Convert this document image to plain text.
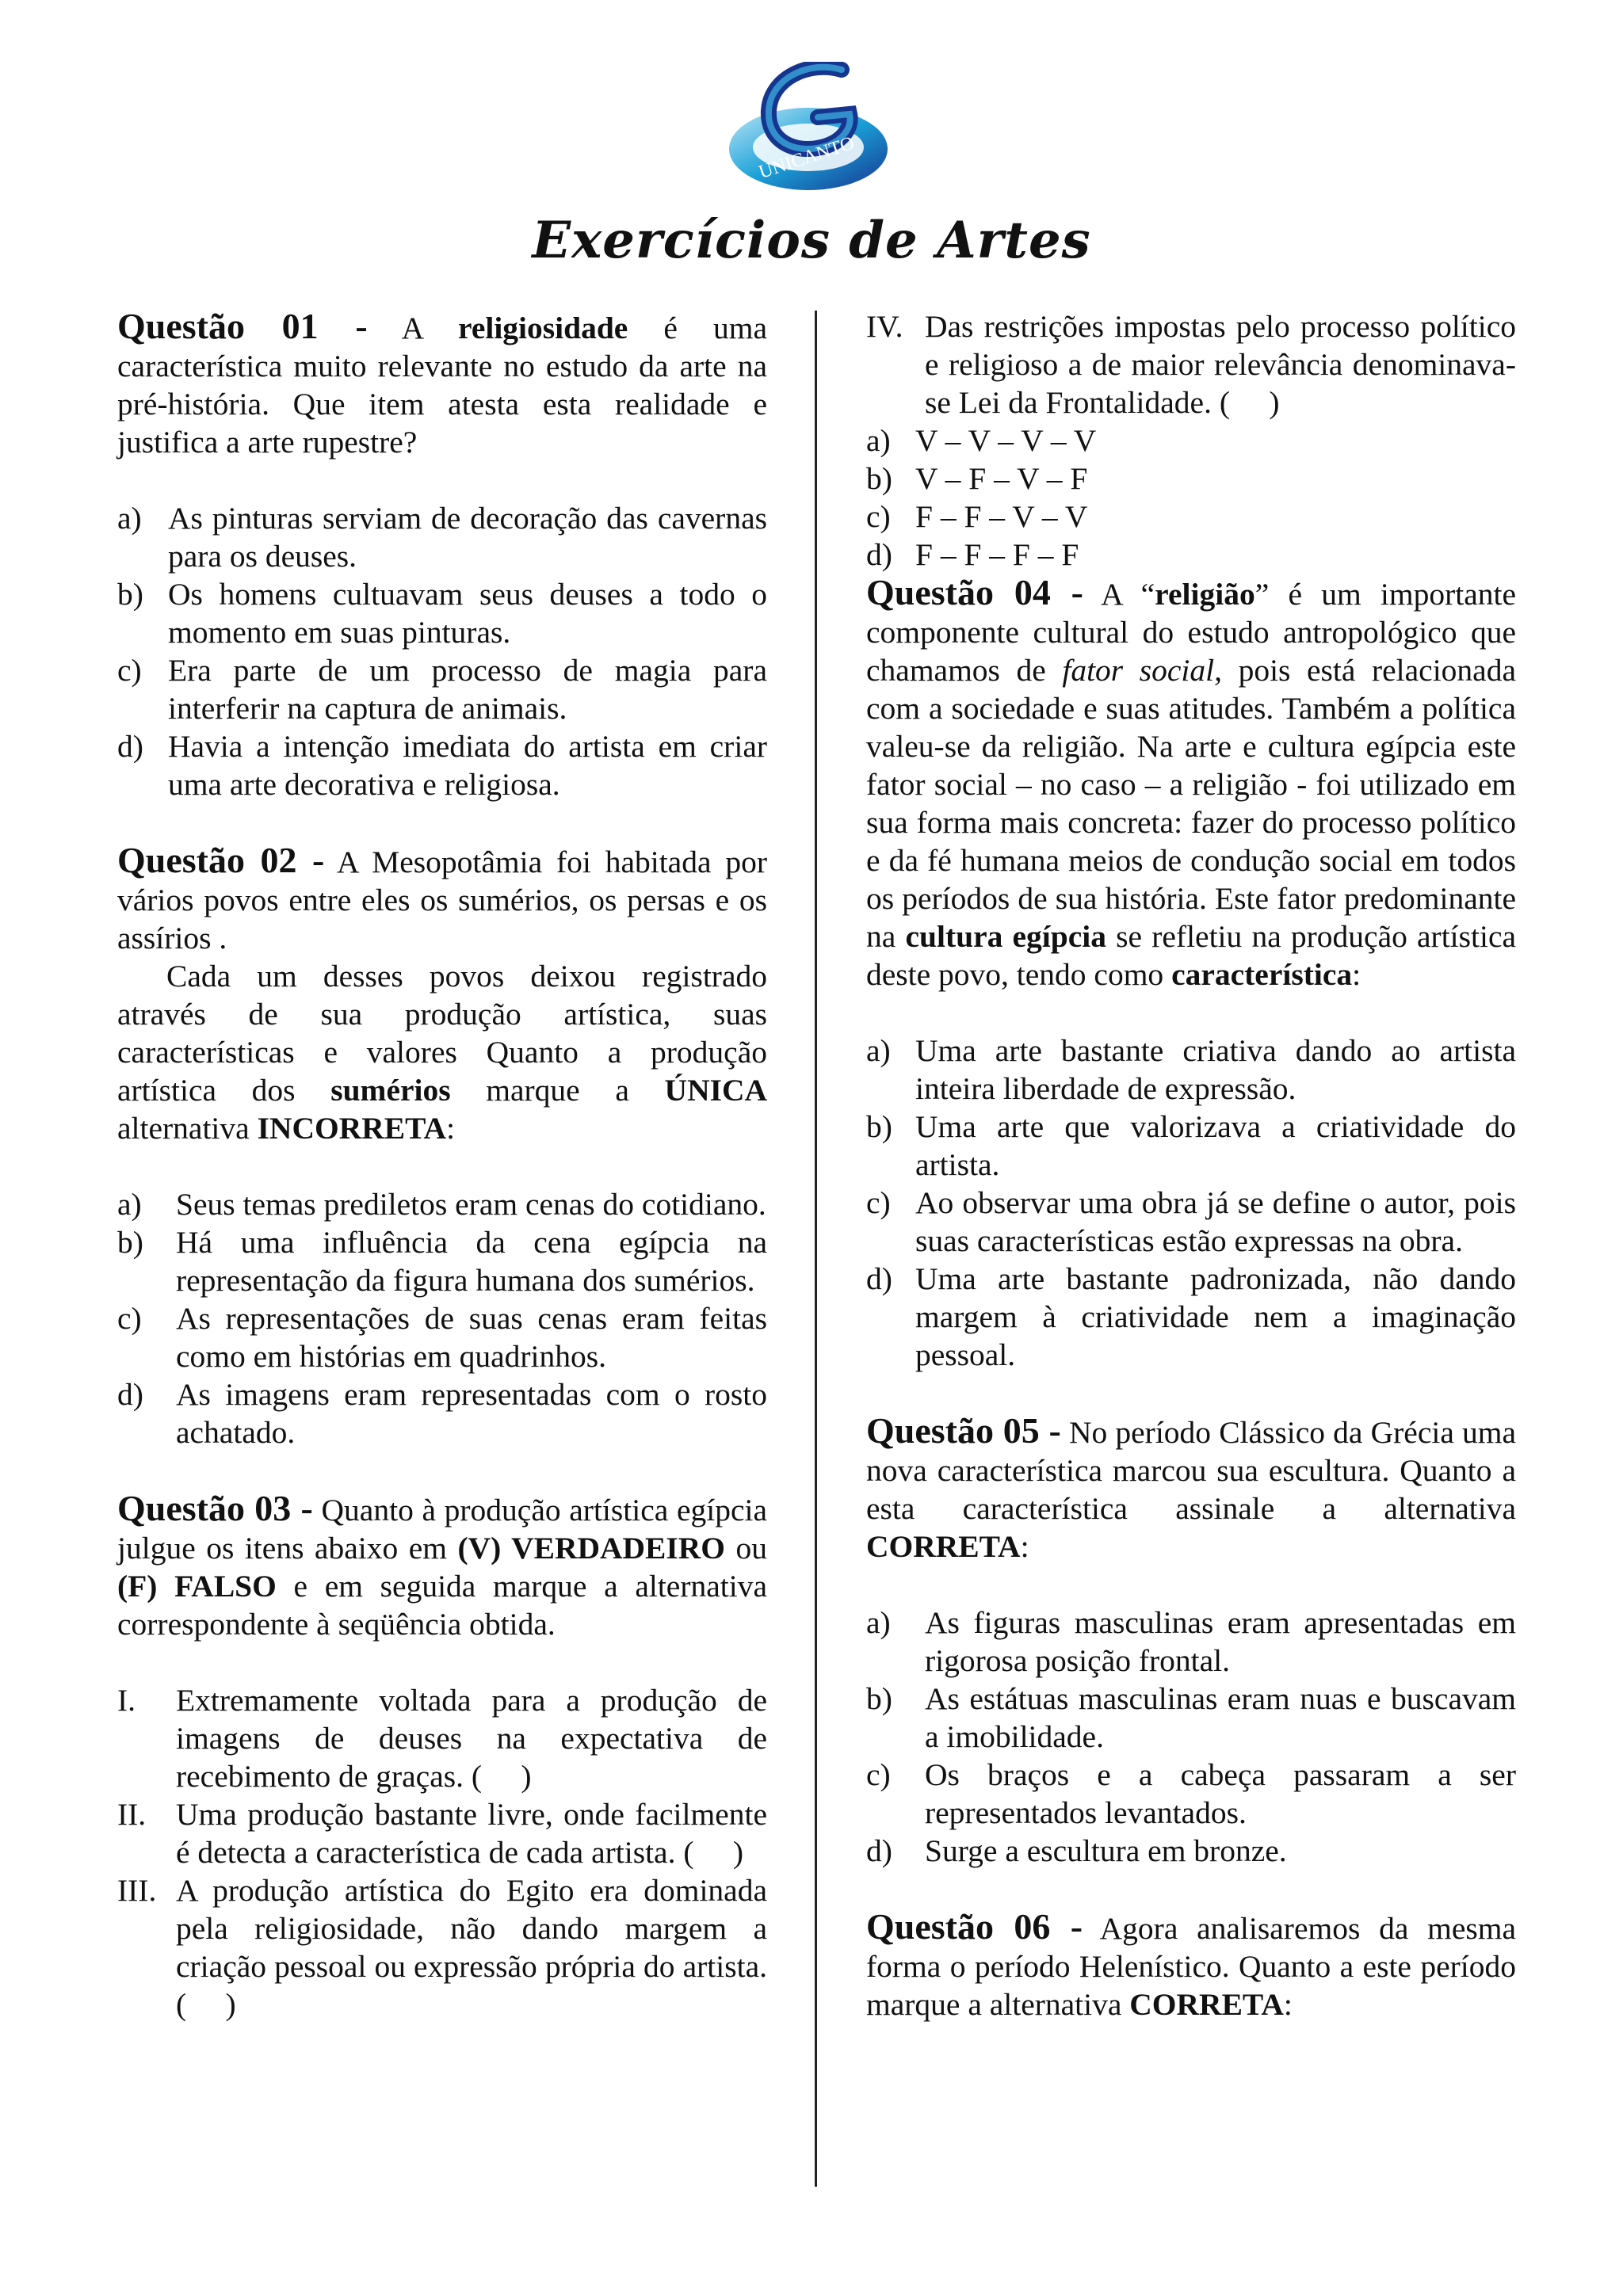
UNICANTO
Exercícios de Artes

Questão 01 - A religiosidade é uma característica muito relevante no estudo da arte na pré-história. Que item atesta esta realidade e justifica a arte rupestre?

a) As pinturas serviam de decoração das cavernas para os deuses.
b) Os homens cultuavam seus deuses a todo o momento em suas pinturas.
c) Era parte de um processo de magia para interferir na captura de animais.
d) Havia a intenção imediata do artista em criar uma arte decorativa e religiosa.

Questão 02 - A Mesopotâmia foi habitada por vários povos entre eles os sumérios, os persas e os assírios .

Cada um desses povos deixou registrado através de sua produção artística, suas características e valores Quanto a produção artística dos sumérios marque a ÚNICA alternativa INCORRETA:

a)	Seus temas prediletos eram cenas do cotidiano.
b)	Há uma influência da cena egípcia na representação da figura humana dos sumérios.
c)	As representações de suas cenas eram feitas como em histórias em quadrinhos.
d)	As imagens eram representadas com o rosto achatado.

Questão 03 - Quanto à produção artística egípcia julgue os itens abaixo em (V) VERDADEIRO ou (F) FALSO e em seguida marque a alternativa correspondente à seqüência obtida.

I.	Extremamente voltada para a produção de imagens de deuses na expectativa de recebimento de graças. (     )
II. Uma produção bastante livre, onde facilmente é detecta a característica de cada artista. (     )
III. A produção artística do Egito era dominada pela religiosidade, não dando margem a criação pessoal ou expressão própria do artista. (     )
IV. Das restrições impostas pelo processo político e religioso a de maior relevância denominava-se Lei da Frontalidade. (     )
a) V – V – V – V
b) V – F – V – F
c) F – F – V – V
d) F – F – F – F

Questão 04 - A “religião” é um importante componente cultural do estudo antropológico que chamamos de fator social, pois está relacionada com a sociedade e suas atitudes. Também a política valeu-se da religião. Na arte e cultura egípcia este fator social – no caso – a religião - foi utilizado em sua forma mais concreta: fazer do processo político e da fé humana meios de condução social em todos os períodos de sua história. Este fator predominante na cultura egípcia se refletiu na produção artística deste povo, tendo como característica:

a) Uma arte bastante criativa dando ao artista inteira liberdade de expressão.
b) Uma arte que valorizava a criatividade do artista.
c) Ao observar uma obra já se define o autor, pois suas características estão expressas na obra.
d) Uma arte bastante padronizada, não dando margem à criatividade nem a imaginação pessoal.

Questão 05 - No período Clássico da Grécia uma nova característica marcou sua escultura. Quanto a esta característica assinale a alternativa CORRETA:

a)	As figuras masculinas eram apresentadas em rigorosa posição frontal.
b)	As estátuas masculinas eram nuas e buscavam a imobilidade.
c)	Os braços e a cabeça passaram a ser representados levantados.
d)	Surge a escultura em bronze.

Questão 06 - Agora analisaremos da mesma forma o período Helenístico. Quanto a este período marque a alternativa CORRETA:
